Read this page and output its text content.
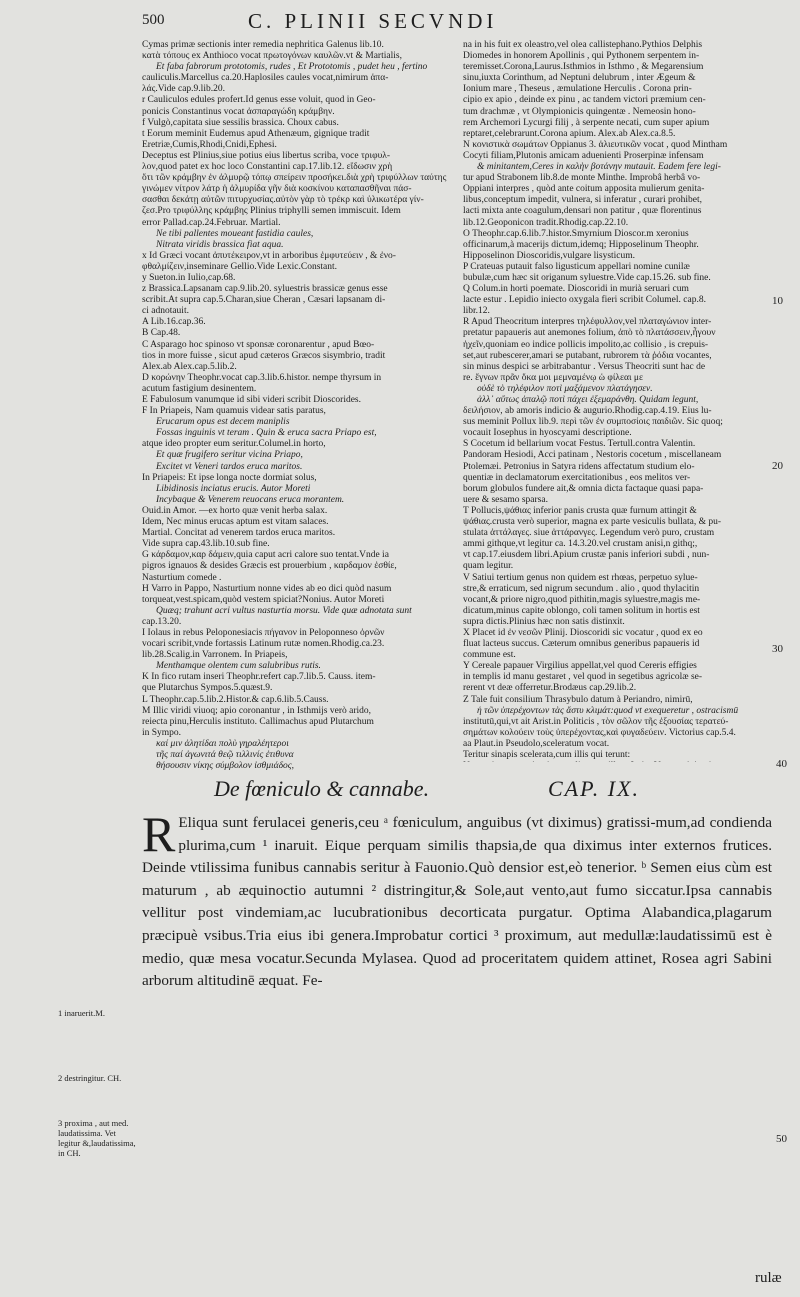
500	C. PLINII SECVNDI

Cymas primæ sectionis inter remedia nephritica Galenus lib.10.

κατὰ τόπους ex Anthioco vocat πρωτογόνων καυλῶν.vt & Martialis,

Et faba fabrorum prototomis, rudes , Et Prototomis , pudet heu , fertino

cauliculis.Marcellus ca.20.Haplosiles caules vocat,nimirum ἁπα-

λάς.Vide cap.9.lib.20.

r Cauliculos edules profert.Id genus esse voluit, quod in Geo-

ponicis Constantinus vocat ἀσπαραγώδη κράμβην.

f Vulgò,capitata siue sessilis brassica. Choux cabus.

t Eorum meminit Eudemus apud Athenæum, gignique tradit

Eretriæ,Cumis,Rhodi,Cnidi,Ephesi.

Deceptus est Plinius,siue potius eius libertus scriba, voce τριφυλ-

λον,quod patet ex hoc loco Constantini cap.17.lib.12. εἴδωσιν χρὴ

ὅτι τῶν κράμβην ἐν ἁλμυρῷ τόπῳ σπείρειν προσήκει.διὰ χρὴ τριφύλλων ταύτης

γινώμεν νίτρον λάτρ ἡ ἁλμυρίδα γῆν διὰ κοσκίνου καταπασθῆναι πάσ-

σασθαι δεκάτῃ αὐτῶν πιτυρχυσίας.αὐτὸν γὰρ τὸ τρέκρ καὶ ὑλικωτέρα γίν-

ζεσ.Pro τριφύλλης κράμβης Plinius triphylli semen immiscuit. Idem

error Pallad.cap.24.Februar. Martial.

Ne tibi pallentes moueant fastidia caules,

Nitrata viridis brassica fiat aqua.

x Id Græci vocant ἀπυτέκειρον,vt in arboribus ἐμφυτεύειν , & ἐνο-

φθαλμίζειν,inseminare Gellio.Vide Lexic.Constant.

y Sueton.in Iulio,cap.68.

z Brassica.Lapsanam cap.9.lib.20. syluestris brassicæ genus esse

scribit.At supra cap.5.Charan,siue Cheran , Cæsari lapsanam di-

ci adnotauit.

A Lib.16.cap.36.

B Cap.48.

C Asparago hoc spinoso vt sponsæ coronarentur , apud Bœo-

tios in more fuisse , sicut apud cæteros Græcos sisymbrio, tradit

Alex.ab Alex.cap.5.lib.2.

D κορώνην Theophr.vocat cap.3.lib.6.histor. nempe thyrsum in

acutum fastigium desinentem.

E Fabulosum vanumque id sibi videri scribit Dioscorides.

F In Priapeis, Nam quamuis videar satis paratus,

Erucarum opus est decem maniplis

Fossas inguinis vt teram . Quin & eruca sacra Priapo est,

atque ideo propter eum seritur.Columel.in horto,

Et quæ frugifero seritur vicina Priapo,

Excitet vt Veneri tardos eruca maritos.

In Priapeis: Et ipse longa nocte dormiat solus,

Libidinosis inciatus erucis. Autor Moreti

Incybaque & Venerem reuocans eruca morantem.

Ouid.in Amor. —ex horto quæ venit herba salax.

Idem, Nec minus erucas aptum est vitam salaces.

Martial. Concitat ad venerem tardos eruca maritos.

Vide supra cap.43.lib.10.sub fine.

G κάρδαμον,καρ δάμειν,quia caput acri calore suo tentat.Vnde ia

pigros ignauos & desides Græcis est prouerbium , καρδαμον ἐσθίε,

Nasturtium comede .

H Varro in Pappo, Nasturtium nonne vides ab eo dici quòd nasum

torqueat,vest.spicam,quòd vestem spiciat?Nonius. Autor Moreti

Quæq; trahunt acri vultus nasturtia morsu. Vide quæ adnotata sunt

cap.13.20.

I Iolaus in rebus Peloponesiacis πήγανον in Peloponneso ὀρνῶν

vocari scribit,vnde fortassis Latinum rutæ nomen.Rhodig.ca.23.

lib.28.Scalig.in Varronem. In Priapeis,

Menthamque olentem cum salubribus rutis.

K In fico rutam inseri Theophr.refert cap.7.lib.5. Causs. item-

que Plutarchus Sympos.5.quæst.9.

L Theophr.cap.5.lib.2.Histor.& cap.6.lib.5.Causs.

M Illic viridi viuoq; apio coronantur , in Isthmijs verò arido,

reiecta pinu,Herculis instituto. Callimachus apud Plutarchum

in Sympo.

καί μιν ἀλητίδαι πολὺ γηραλέητεροι

τῆς παί ἀγωνιτά θεῷ τιλλινίς ἐτιθυνα

θήσουσιν νίκης σύμβολον ἰσθμιάδος,

na in his fuit ex oleastro,vel olea callistephano.Pythios Delphis

Diomedes in honorem Apollinis , qui Pythonem serpentem in-

teremisset.Corona,Laurus.Isthmios in Isthmo , & Megarensium

sinu,iuxta Corinthum, ad Neptuni delubrum , inter Ægeum &

Ionium mare , Theseus , æmulatione Herculis . Corona prin-

cipio ex apio , deinde ex pinu , ac tandem victori præmium cen-

tum drachmæ , vt Olympionicis quingentæ . Nemeosin hono-

rem Archemori Lycurgi filij , à serpente necati, cum super apium

reptaret,celebrarunt.Corona apium. Alex.ab Alex.ca.8.5.

N κονιστικὰ σωμάτων Oppianus 3. ἁλιευτικῶν vocat , quod Mintham

Cocyti filiam,Plutonis amicam aduenienti Proserpinæ infensam

& minitantem,Ceres in καλὴν βοτάνην mutauit. Eadem fere legi-

tur apud Strabonem lib.8.de monte Minthe. Improbâ herbâ vo-

Oppiani interpres , quòd ante coitum apposita mulierum genita-

libus,conceptum impedit, vulnera, si inferatur , curari prohibet,

lacti mixta ante coagulum,densari non patitur , quæ florentinus

lib.12.Geoponicon tradit.Rhodig.cap.22.10.

O Theophr.cap.6.lib.7.histor.Smyrnium Dioscor.m xeronius

officinarum,à macerijs dictum,idemq; Hipposelinum Theophr.

Hipposelinon Dioscoridis,vulgare lisysticum.

P Crateuas putauit falso ligusticum appellari nomine cunilæ

bubulæ,cum hæc sit origanum syluestre.Vide cap.15.26. sub fine.

Q Colum.in horti poemate. Dioscoridi in murià seruari cum

lacte estur . Lepidio iniecto oxygala fieri scribit Columel. cap.8.

libr.12.

R Apud Theocritum interpres τηλέφυλλον,vel πλαταγώνιον inter-

pretatur papaueris aut anemones folium, ἀπὸ τὸ πλατάσσειν,ἦγουν

ἠχεῖν,quoniam eo indice pollicis impolito,ac collisio , is crepuis-

set,aut rubescerer,amari se putabant, rubrorem τὰ ῥόδια vocantes,

sin minus despici se arbitrabantur . Versus Theocriti sunt hac de

re. ἔγνων πρᾶν ὅκα μοι μεμναμένῳ ὡ φίλεαι με

οὐδὲ τὸ τηλέφιλον ποτὶ μαξάμενον πλατάγησεν.

ἀλλ᾽ αὔτως ἁπαλῷ ποτὶ πάχει ἐξεμαράνθη. Quidam legunt,

δειλήσιον, ab amoris indicio & augurio.Rhodig.cap.4.19. Eius lu-

sus meminit Pollux lib.9. περὶ τῶν ἐν συμποσίοις παιδιῶν. Sic quoq;

vocauit Iosephus in hyoscyami descriptione.

S Cocetum id bellarium vocat Festus. Tertull.contra Valentin.

Pandoram Hesiodi, Acci patinam , Nestoris cocetum , miscellaneam

Ptolemæi. Petronius in Satyra ridens affectatum studium elo-

quentiæ in declamatorum exercitationibus , eos melitos ver-

borum globulos fundere ait,& omnia dicta factaque quasi papa-

uere & sesamo sparsa.

T Pollucis,ψάθιας inferior panis crusta quæ furnum attingit &

ψάθιας.crusta verò superior, magna ex parte vesiculis bullata, & pu-

stulata ἀττάλαγες. siue ἀττάρανγες. Legendum verò puro, crustam

ammi githque,vt legitur ca. 14.3.20.vel crustam anisi,n githq;,

vt cap.17.eiusdem libri.Apium crustæ panis inferiori subdi , nun-

quam legitur.

V Satiui tertium genus non quidem est rhœas, perpetuo sylue-

stre,& erraticum, sed nigrum secundum . alio , quod thylacitin

vocant,& priore nigro,quod pithitin,magis syluestre,magis me-

dicatum,minus capite oblongo, coli tamen solitum in hortis est

supra dictis.Plinius hæc non satis distinxit.

X Placet id ἐν νεσῶν Plinij. Dioscoridi sic vocatur , quod ex eo

fluat lacteus succus. Cæterum omnibus generibus papaueris id

commune est.

Y Cereale papauer Virgilius appellat,vel quod Cereris effigies

in templis id manu gestaret , vel quod in segetibus agricolæ se-

rerent vt deæ offerretur.Brodæus cap.29.lib.2.

Z Tale fuit consilium Thrasybulo datum à Periandro, nimirū,

ἡ τῶν ὑπερέχοντων τὰς ἄστυ κλιμάτ:quod vt exequeretur , ostracismū

institutū,qui,vt ait Arist.in Politicis , τὸν σῶλον τῆς ἐξουσίας τερατεύ-

σημάτων κολούειν τοὺς ὑπερέχοντας,καὶ φυγαδεύειν. Victorius cap.5.4.

aa Plaut.in Pseudolo,sceleratum vocat.

Teritur sinapis scelerata,cum illis qui terunt:

10
20
30
40
50
De fœniculo & cannabe.	CAP. IX.

R Eliqua sunt ferulacei generis,ceu ᵃ fœniculum, anguibus (vt diximus) gratissi-mum,ad condienda plurima,cum ¹ inaruit. Eique perquam similis thapsia,de qua diximus inter externos frutices. Deinde vtilissima funibus cannabis seritur à Fauonio.Quò densior est,eò tenerior. ᵇ Semen eius cùm est maturum , ab æquinoctio autumni ² distringitur,& Sole,aut vento,aut fumo siccatur.Ipsa cannabis vellitur post vindemiam,ac lucubrationibus decorticata purgatur. Optima Alabandica,plagarum præcipuè vsibus.Tria eius ibi genera.Improbatur cortici ³ proximum, aut medullæ:laudatissimū est è medio, quæ mesa vocatur.Secunda Mylasea. Quod ad proceritatem quidem attinet, Rosea agri Sabini arborum altitudinē æquat. Fe-

rulæ
1 inaruerit.M.
2 destringitur. CH.
3 proxima , aut med. laudatissima. Vet legitur &,laudatissima, in CH.
